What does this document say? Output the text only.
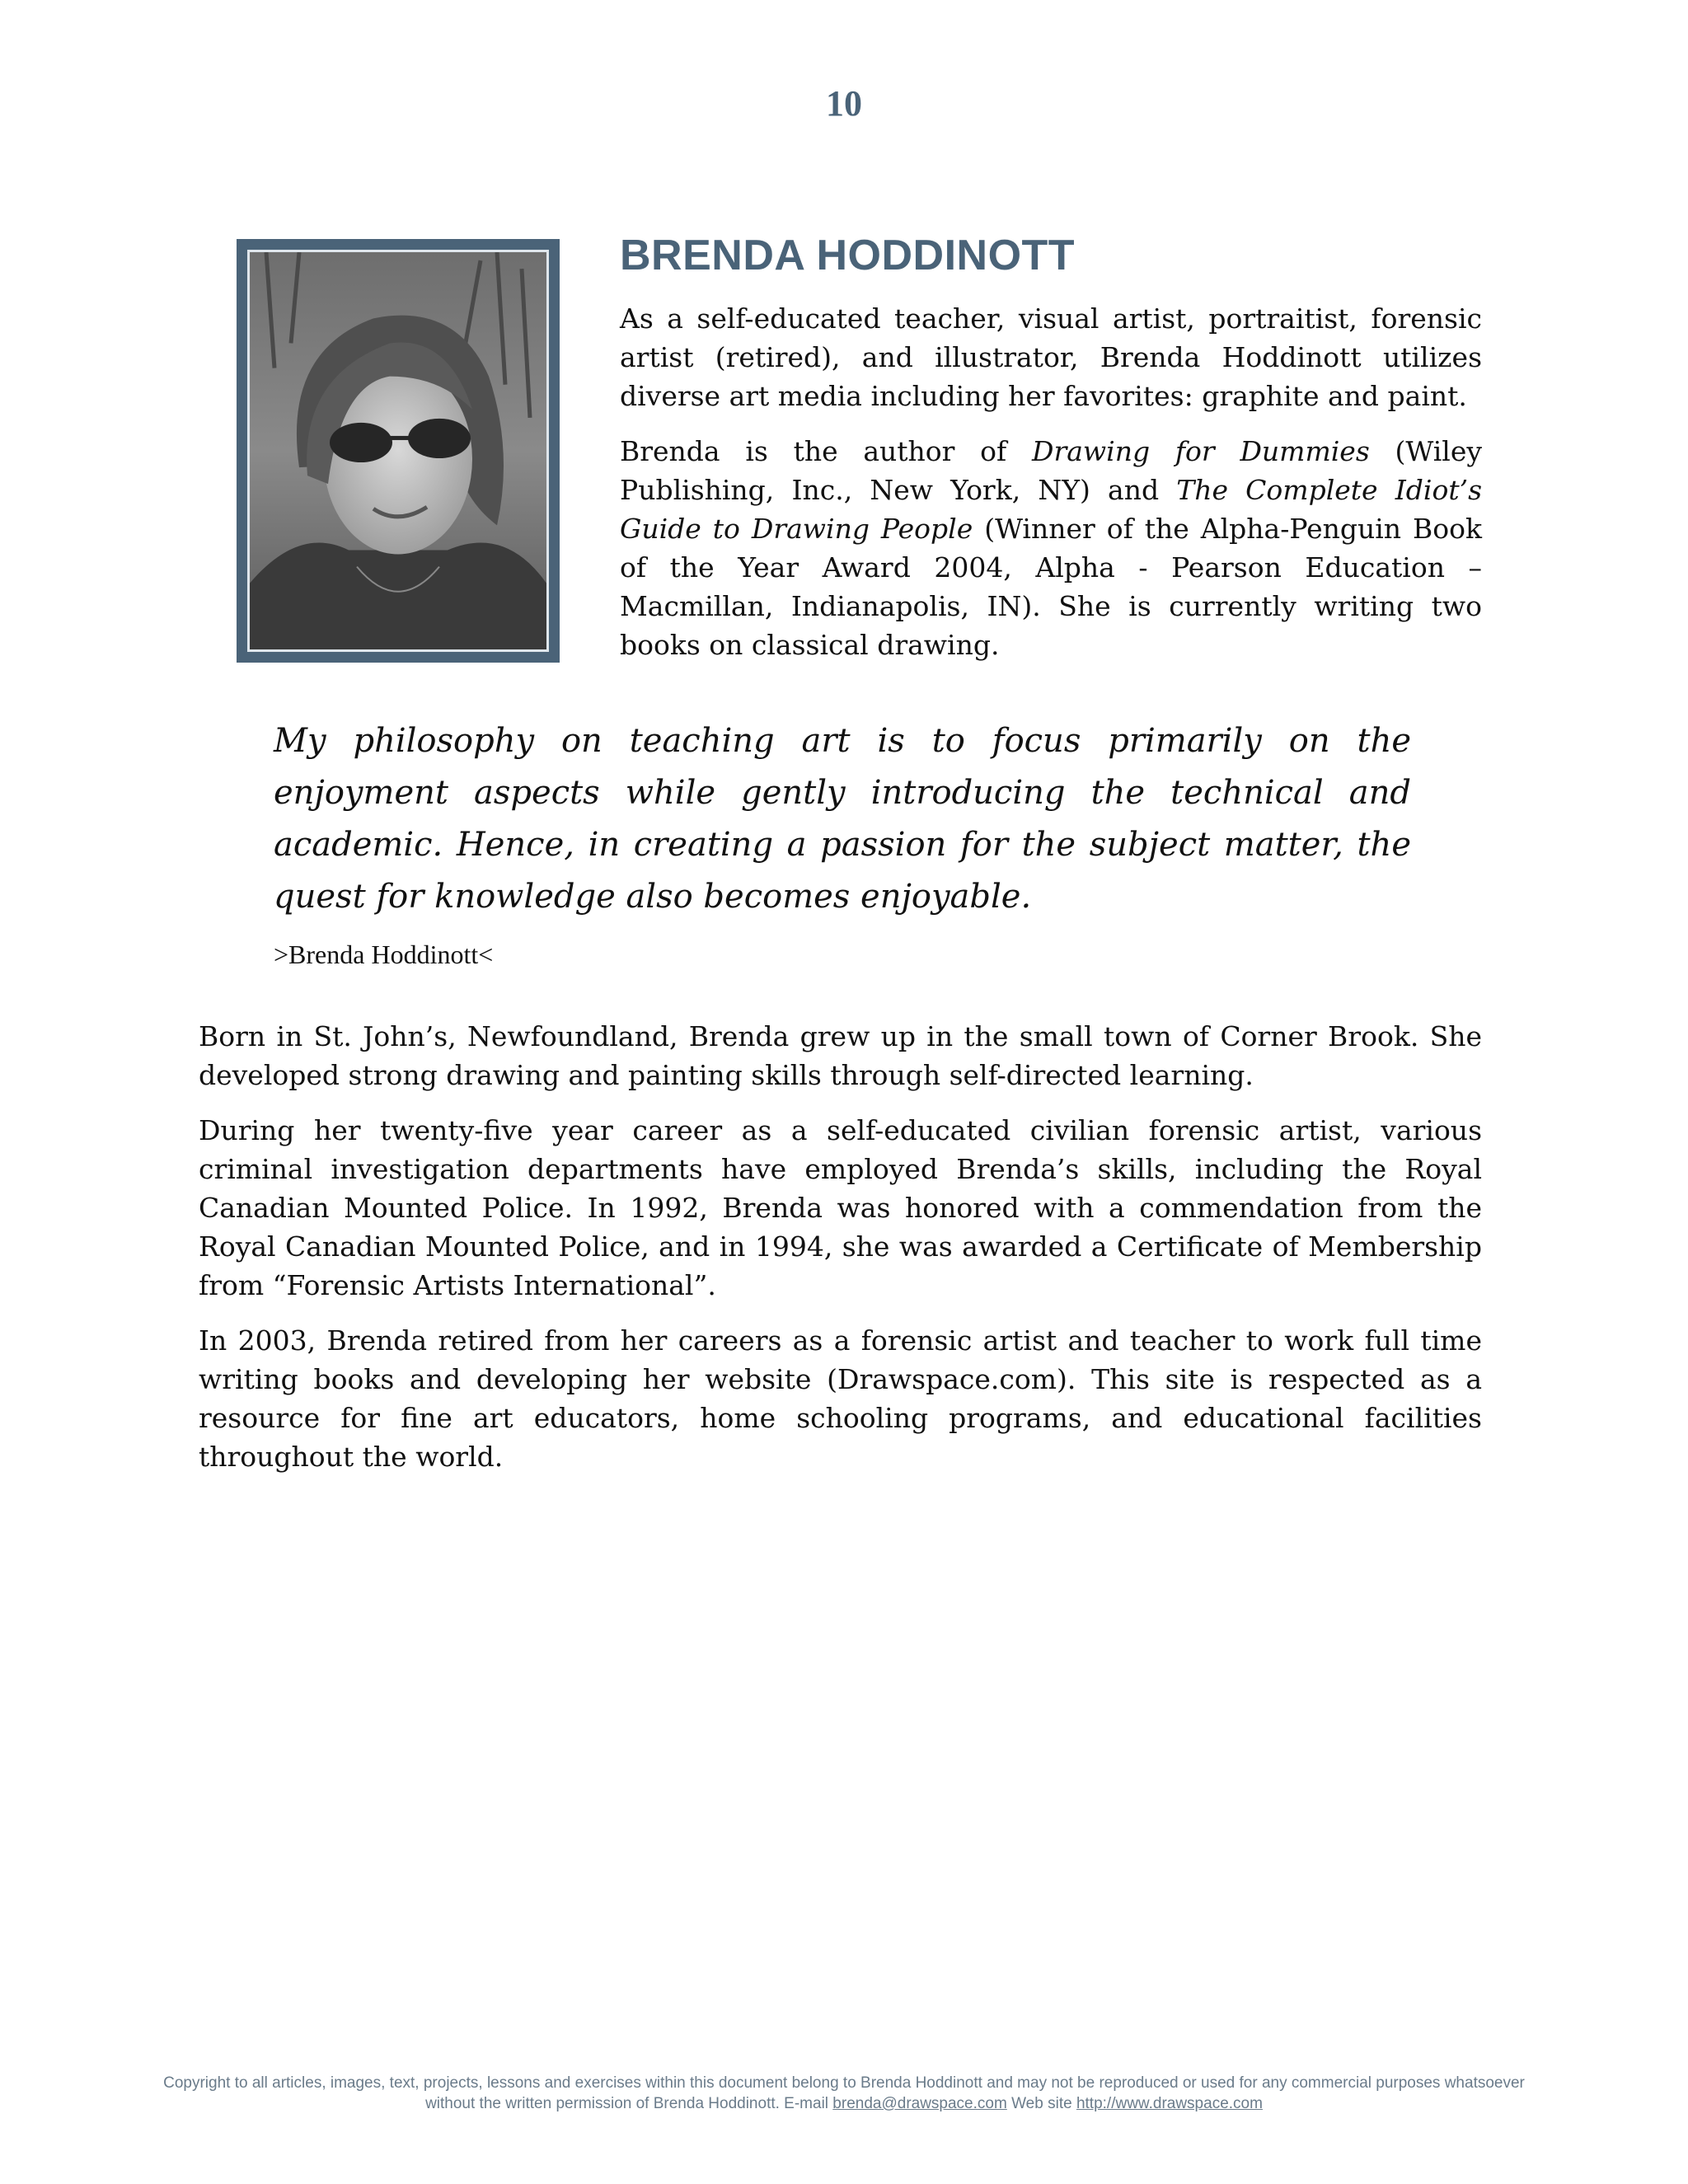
10
BRENDA HODDINOTT

As a self-educated teacher, visual artist, portraitist, forensic artist (retired), and illustrator, Brenda Hoddinott utilizes diverse art media including her favorites: graphite and paint.

Brenda is the author of Drawing for Dummies (Wiley Publishing, Inc., New York, NY) and The Complete Idiot’s Guide to Drawing People (Winner of the Alpha-Penguin Book of the Year Award 2004, Alpha - Pearson Education – Macmillan, Indianapolis, IN). She is currently writing two books on classical drawing.

My philosophy on teaching art is to focus primarily on the enjoyment aspects while gently introducing the technical and academic. Hence, in creating a passion for the subject matter, the quest for knowledge also becomes enjoyable.

>Brenda Hoddinott<

Born in St. John’s, Newfoundland, Brenda grew up in the small town of Corner Brook. She developed strong drawing and painting skills through self-directed learning.

During her twenty-five year career as a self-educated civilian forensic artist, various criminal investigation departments have employed Brenda’s skills, including the Royal Canadian Mounted Police. In 1992, Brenda was honored with a commendation from the Royal Canadian Mounted Police, and in 1994, she was awarded a Certificate of Membership from “Forensic Artists International”.

In 2003, Brenda retired from her careers as a forensic artist and teacher to work full time writing books and developing her website (Drawspace.com). This site is respected as a resource for fine art educators, home schooling programs, and educational facilities throughout the world.

Copyright to all articles, images, text, projects, lessons and exercises within this document belong to Brenda Hoddinott and may not be reproduced or used for any commercial purposes whatsoever
without the written permission of Brenda Hoddinott. E-mail brenda@drawspace.com Web site http://www.drawspace.com
